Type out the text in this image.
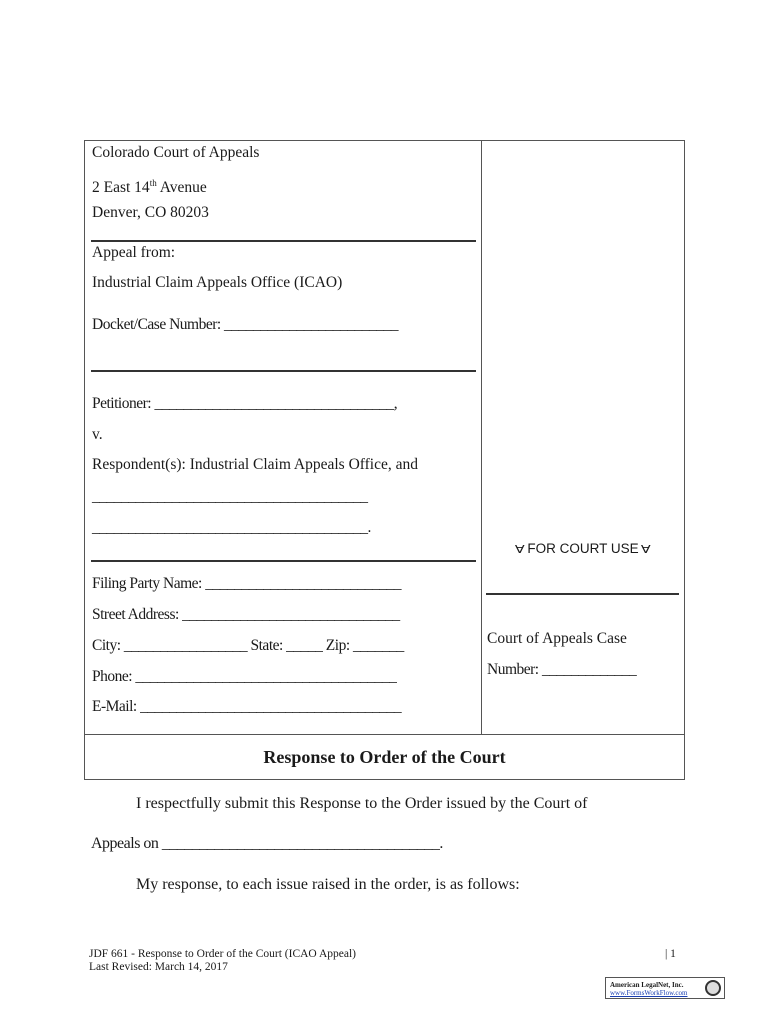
Colorado Court of Appeals
2 East 14th Avenue
Denver, CO 80203
Appeal from:
Industrial Claim Appeals Office (ICAO)
Docket/Case Number: ________________________
Petitioner: _________________________________,
v.
Respondent(s): Industrial Claim Appeals Office, and
______________________________________
______________________________________.
Filing Party Name: ___________________________
Street Address: ______________________________
City: _________________ State: _____ Zip: _______
Phone: ____________________________________
E-Mail: ____________________________________
Ɐ FOR COURT USE Ɐ
Court of Appeals Case
Number: _____________
Response to Order of the Court
I respectfully submit this Response to the Order issued by the Court of
Appeals on _____________________________________.
My response, to each issue raised in the order, is as follows:
JDF 661 - Response to Order of the Court (ICAO Appeal)
Last Revised: March 14, 2017
| 1
American LegalNet, Inc.
www.FormsWorkFlow.com
